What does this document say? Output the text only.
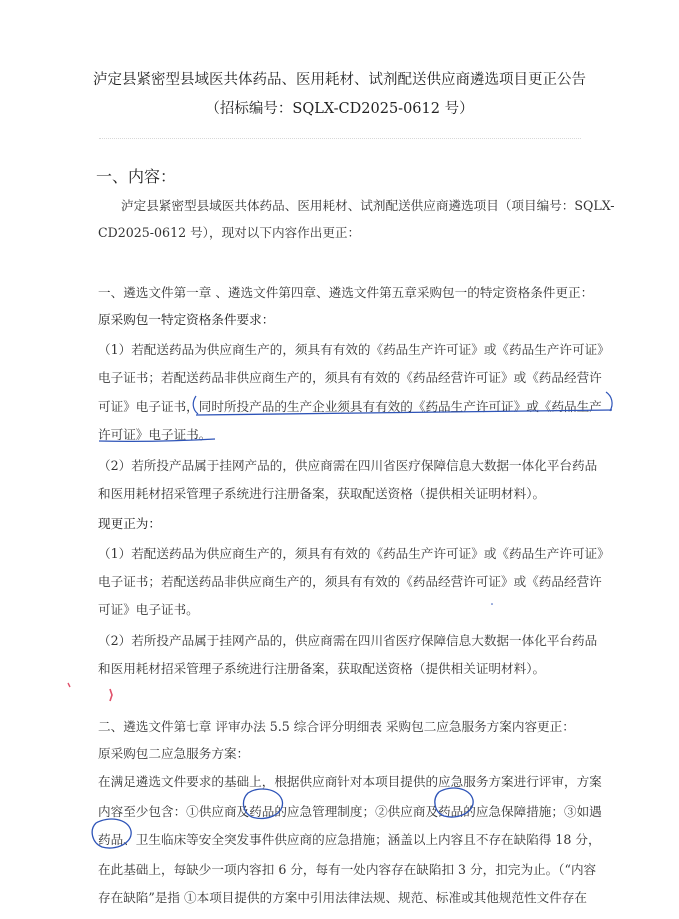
泸定县紧密型县域医共体药品、医用耗材、试剂配送供应商遴选项目更正公告
（招标编号：SQLX-CD2025-0612 号）
一、内容：
泸定县紧密型县域医共体药品、医用耗材、试剂配送供应商遴选项目（项目编号：SQLX-
CD2025-0612 号），现对以下内容作出更正：
一、遴选文件第一章 、遴选文件第四章、遴选文件第五章采购包一的特定资格条件更正：
原采购包一特定资格条件要求：
（1）若配送药品为供应商生产的，须具有有效的《药品生产许可证》或《药品生产许可证》
电子证书；若配送药品非供应商生产的，须具有有效的《药品经营许可证》或《药品经营许
可证》电子证书，同时所投产品的生产企业须具有有效的《药品生产许可证》或《药品生产
许可证》电子证书。
（2）若所投产品属于挂网产品的，供应商需在四川省医疗保障信息大数据一体化平台药品
和医用耗材招采管理子系统进行注册备案，获取配送资格（提供相关证明材料）。
现更正为：
（1）若配送药品为供应商生产的，须具有有效的《药品生产许可证》或《药品生产许可证》
电子证书；若配送药品非供应商生产的，须具有有效的《药品经营许可证》或《药品经营许
可证》电子证书。
（2）若所投产品属于挂网产品的，供应商需在四川省医疗保障信息大数据一体化平台药品
和医用耗材招采管理子系统进行注册备案，获取配送资格（提供相关证明材料）。
二、遴选文件第七章 评审办法 5.5 综合评分明细表 采购包二应急服务方案内容更正：
原采购包二应急服务方案：
在满足遴选文件要求的基础上，根据供应商针对本项目提供的应急服务方案进行评审，方案
内容至少包含：①供应商及药品的应急管理制度；②供应商及药品的应急保障措施；③如遇
药品、卫生临床等安全突发事件供应商的应急措施；涵盖以上内容且不存在缺陷得 18 分，
在此基础上，每缺少一项内容扣 6 分，每有一处内容存在缺陷扣 3 分，扣完为止。（“内容
存在缺陷”是指 ①本项目提供的方案中引用法律法规、规范、标准或其他规范性文件存在
